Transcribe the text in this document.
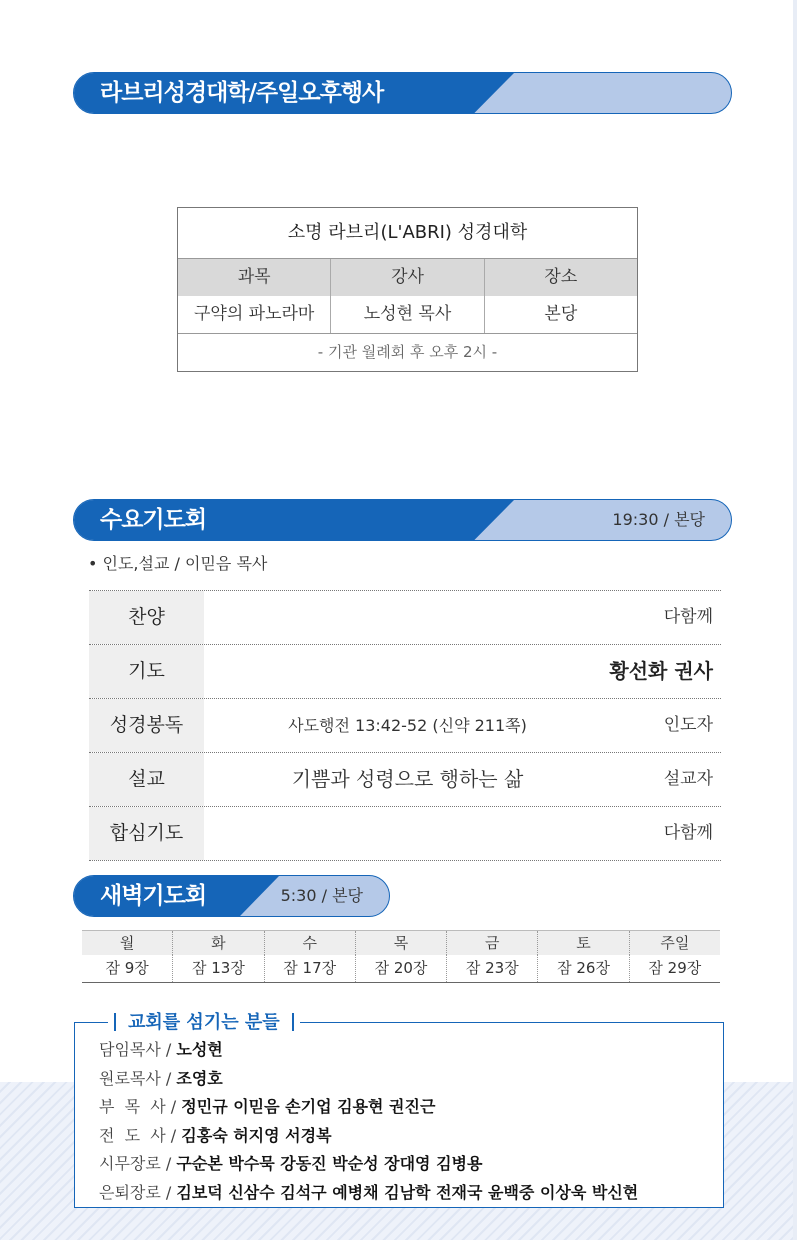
라브리성경대학/주일오후행사
소명 라브리(L'ABRI) 성경대학
과목	강사	장소
구약의 파노라마	노성현 목사	본당
- 기관 월례회 후 오후 2시 -
수요기도회	19:30 / 본당
• 인도,설교 / 이믿음 목사
찬양	다함께
기도	황선화 권사
성경봉독	사도행전 13:42-52 (신약 211쪽)	인도자
설교	기쁨과 성령으로 행하는 삶	설교자
합심기도	다함께
새벽기도회	5:30 / 본당
월	화	수	목	금	토	주일
잠 9장	잠 13장	잠 17장	잠 20장	잠 23장	잠 26장	잠 29장
교회를 섬기는 분들
담임목사 / 노성현
원로목사 / 조영호
부  목  사 / 정민규 이믿음 손기업 김용현 권진근
전  도  사 / 김홍숙 허지영 서경복
시무장로 / 구순본 박수묵 강동진 박순성 장대영 김병용
은퇴장로 / 김보덕 신삼수 김석구 예병채 김남학 전재국 윤백중 이상욱 박신현
